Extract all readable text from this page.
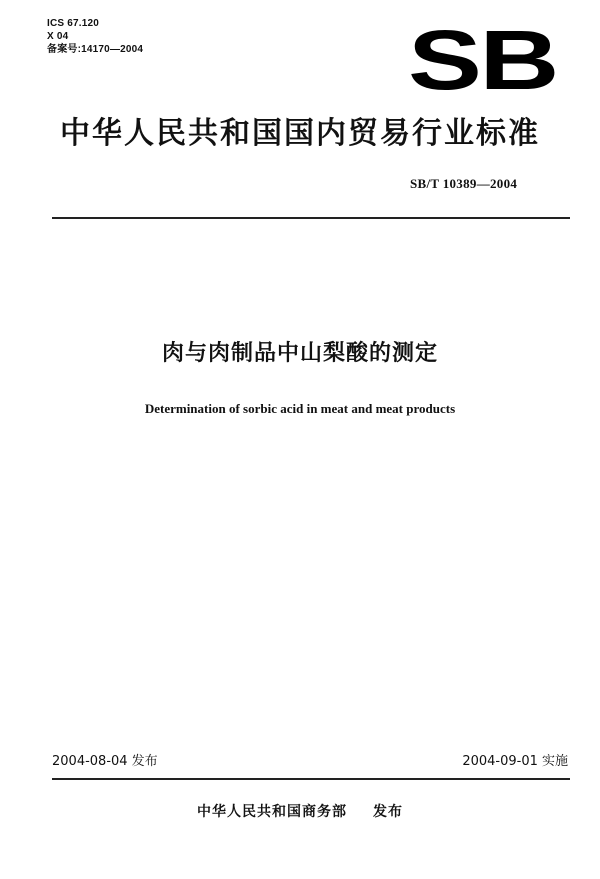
ICS 67.120
X 04
备案号:14170—2004	SB
中华人民共和国国内贸易行业标准
SB/T 10389—2004
肉与肉制品中山梨酸的测定
Determination of sorbic acid in meat and meat products
2004-08-04 发布	2004-09-01 实施
中华人民共和国商务部 发布
